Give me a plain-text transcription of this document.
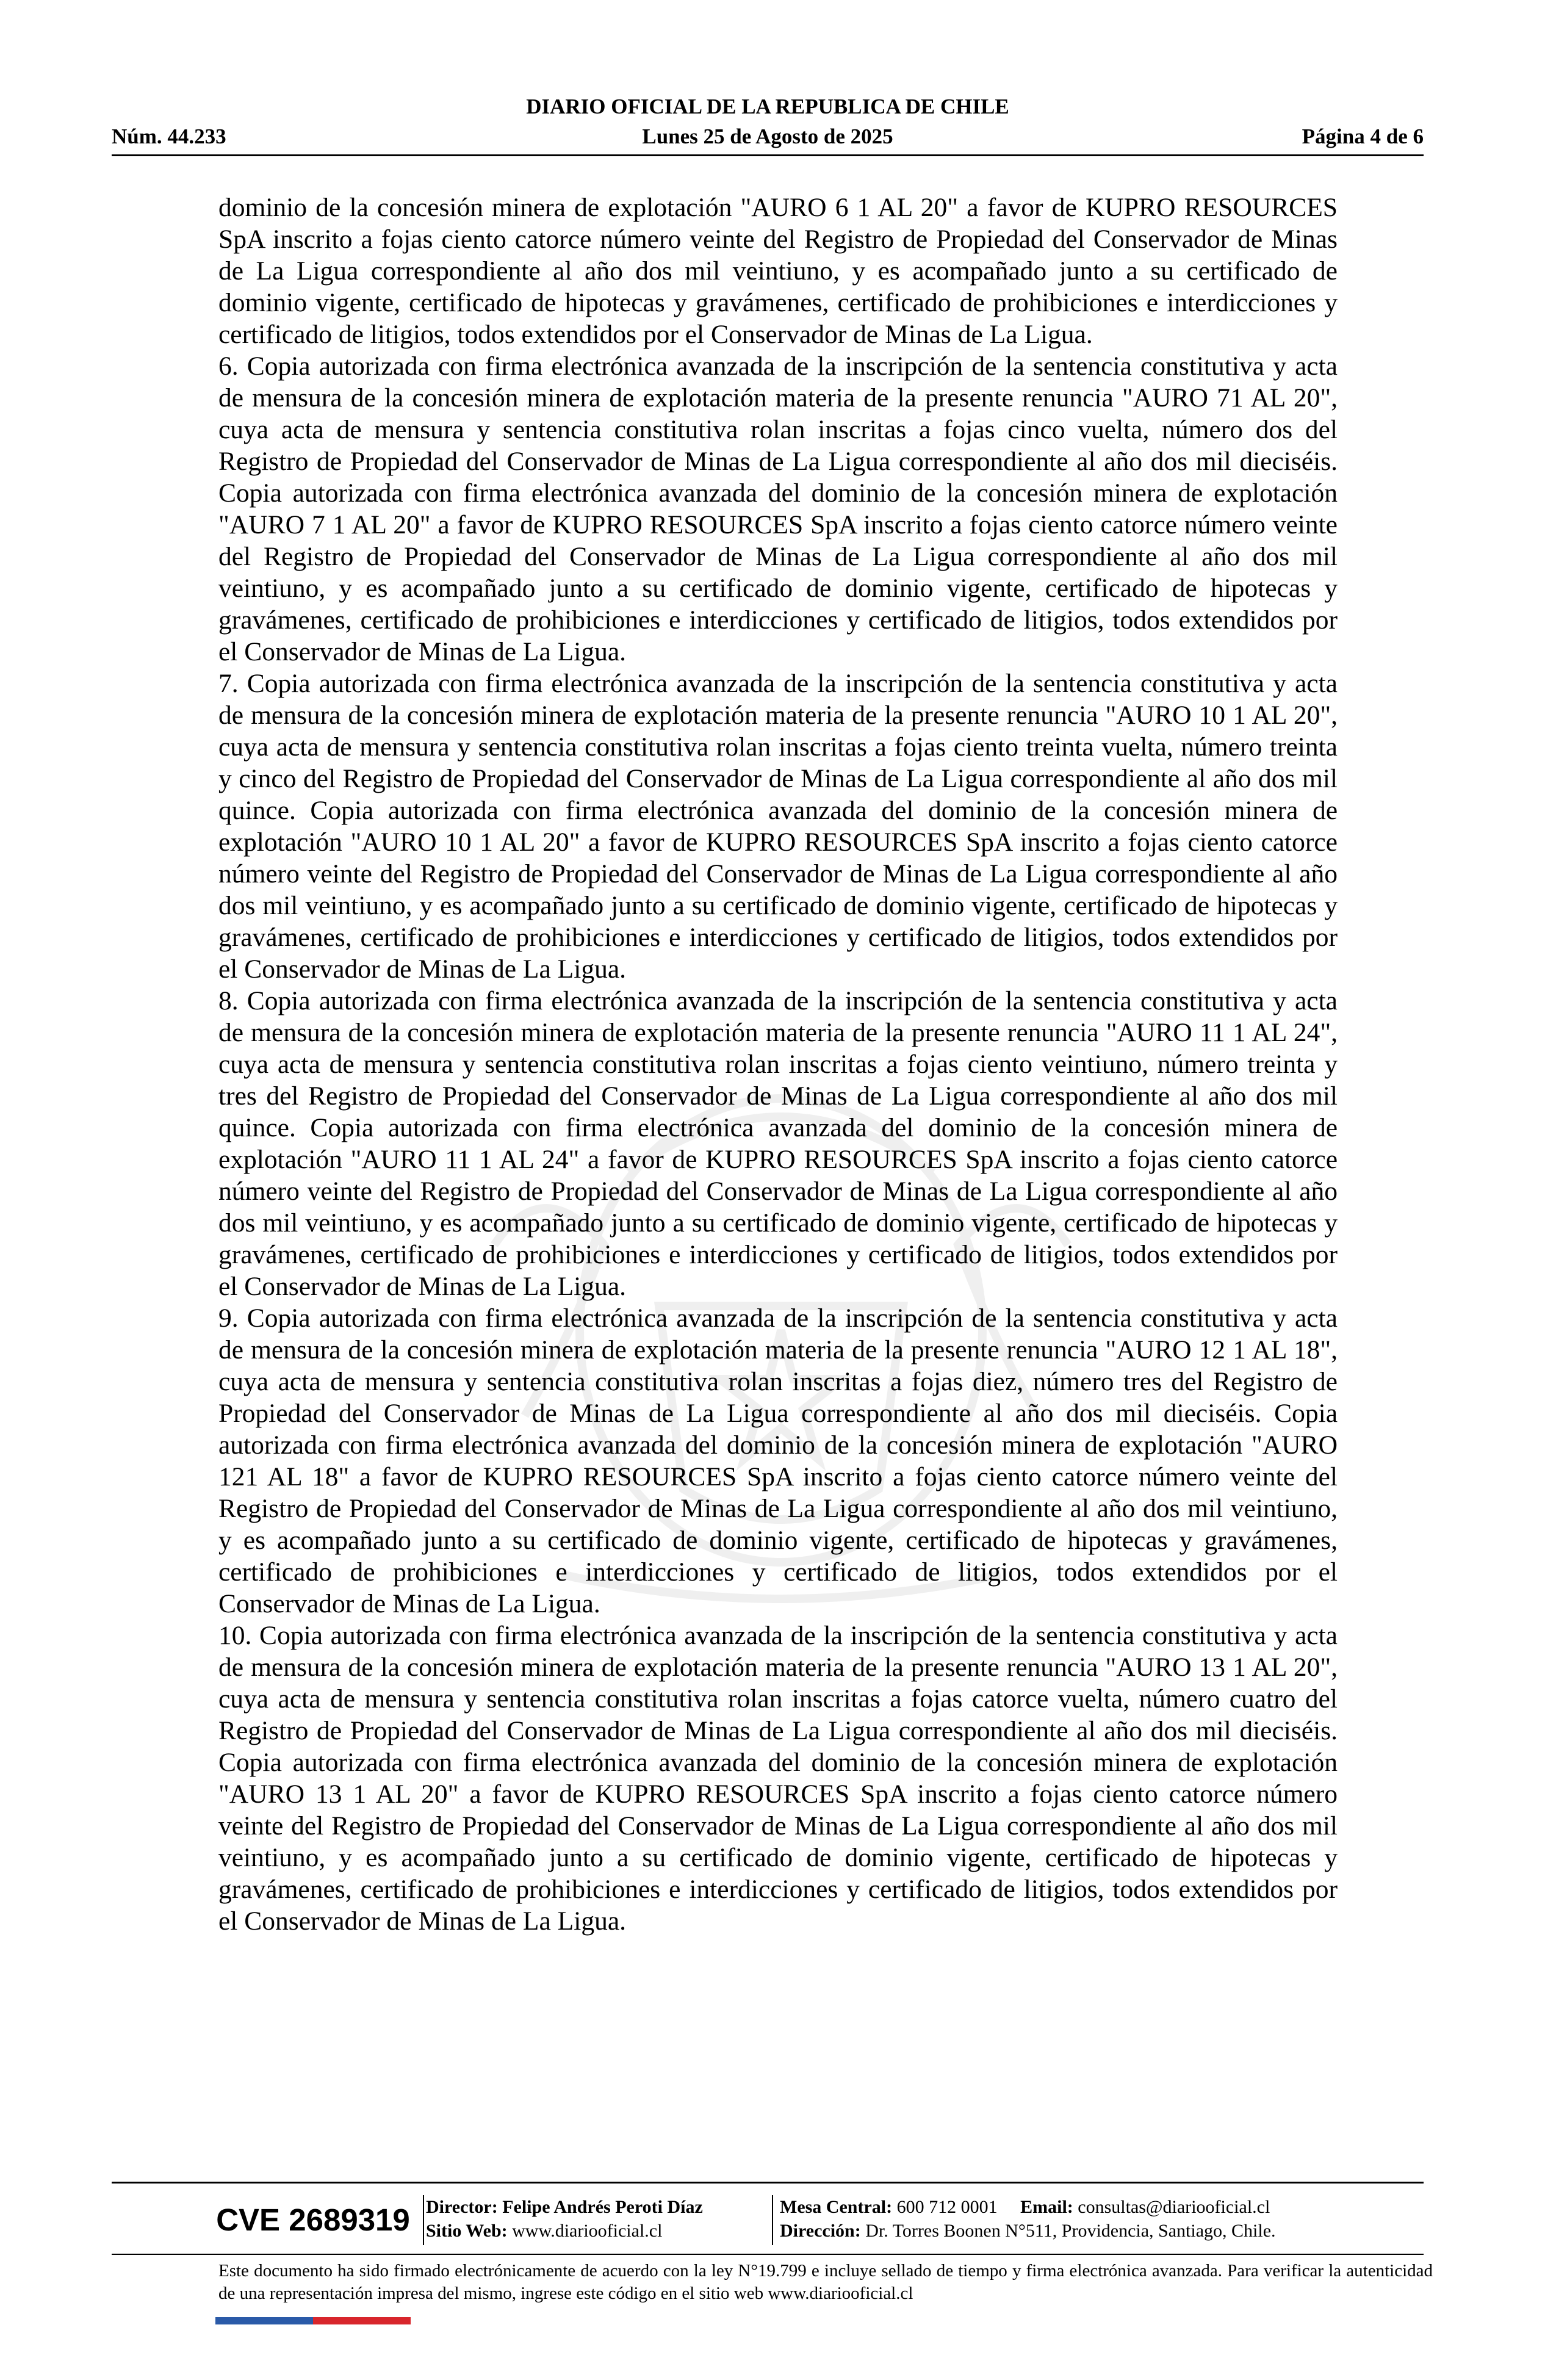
DIARIO OFICIAL DE LA REPUBLICA DE CHILE
Núm. 44.233	Lunes 25 de Agosto de 2025	Página 4 de 6

dominio de la concesión minera de explotación "AURO 6 1 AL 20" a favor de KUPRO RESOURCES SpA inscrito a fojas ciento catorce número veinte del Registro de Propiedad del Conservador de Minas de La Ligua correspondiente al año dos mil veintiuno, y es acompañado junto a su certificado de dominio vigente, certificado de hipotecas y gravámenes, certificado de prohibiciones e interdicciones y certificado de litigios, todos extendidos por el Conservador de Minas de La Ligua.

6. Copia autorizada con firma electrónica avanzada de la inscripción de la sentencia constitutiva y acta de mensura de la concesión minera de explotación materia de la presente renuncia "AURO 71 AL 20", cuya acta de mensura y sentencia constitutiva rolan inscritas a fojas cinco vuelta, número dos del Registro de Propiedad del Conservador de Minas de La Ligua correspondiente al año dos mil dieciséis. Copia autorizada con firma electrónica avanzada del dominio de la concesión minera de explotación "AURO 7 1 AL 20" a favor de KUPRO RESOURCES SpA inscrito a fojas ciento catorce número veinte del Registro de Propiedad del Conservador de Minas de La Ligua correspondiente al año dos mil veintiuno, y es acompañado junto a su certificado de dominio vigente, certificado de hipotecas y gravámenes, certificado de prohibiciones e interdicciones y certificado de litigios, todos extendidos por el Conservador de Minas de La Ligua.

7. Copia autorizada con firma electrónica avanzada de la inscripción de la sentencia constitutiva y acta de mensura de la concesión minera de explotación materia de la presente renuncia "AURO 10 1 AL 20", cuya acta de mensura y sentencia constitutiva rolan inscritas a fojas ciento treinta vuelta, número treinta y cinco del Registro de Propiedad del Conservador de Minas de La Ligua correspondiente al año dos mil quince. Copia autorizada con firma electrónica avanzada del dominio de la concesión minera de explotación "AURO 10 1 AL 20" a favor de KUPRO RESOURCES SpA inscrito a fojas ciento catorce número veinte del Registro de Propiedad del Conservador de Minas de La Ligua correspondiente al año dos mil veintiuno, y es acompañado junto a su certificado de dominio vigente, certificado de hipotecas y gravámenes, certificado de prohibiciones e interdicciones y certificado de litigios, todos extendidos por el Conservador de Minas de La Ligua.

8. Copia autorizada con firma electrónica avanzada de la inscripción de la sentencia constitutiva y acta de mensura de la concesión minera de explotación materia de la presente renuncia "AURO 11 1 AL 24", cuya acta de mensura y sentencia constitutiva rolan inscritas a fojas ciento veintiuno, número treinta y tres del Registro de Propiedad del Conservador de Minas de La Ligua correspondiente al año dos mil quince. Copia autorizada con firma electrónica avanzada del dominio de la concesión minera de explotación "AURO 11 1 AL 24" a favor de KUPRO RESOURCES SpA inscrito a fojas ciento catorce número veinte del Registro de Propiedad del Conservador de Minas de La Ligua correspondiente al año dos mil veintiuno, y es acompañado junto a su certificado de dominio vigente, certificado de hipotecas y gravámenes, certificado de prohibiciones e interdicciones y certificado de litigios, todos extendidos por el Conservador de Minas de La Ligua.

9. Copia autorizada con firma electrónica avanzada de la inscripción de la sentencia constitutiva y acta de mensura de la concesión minera de explotación materia de la presente renuncia "AURO 12 1 AL 18", cuya acta de mensura y sentencia constitutiva rolan inscritas a fojas diez, número tres del Registro de Propiedad del Conservador de Minas de La Ligua correspondiente al año dos mil dieciséis. Copia autorizada con firma electrónica avanzada del dominio de la concesión minera de explotación "AURO 121 AL 18" a favor de KUPRO RESOURCES SpA inscrito a fojas ciento catorce número veinte del Registro de Propiedad del Conservador de Minas de La Ligua correspondiente al año dos mil veintiuno, y es acompañado junto a su certificado de dominio vigente, certificado de hipotecas y gravámenes, certificado de prohibiciones e interdicciones y certificado de litigios, todos extendidos por el Conservador de Minas de La Ligua.

10. Copia autorizada con firma electrónica avanzada de la inscripción de la sentencia constitutiva y acta de mensura de la concesión minera de explotación materia de la presente renuncia "AURO 13 1 AL 20", cuya acta de mensura y sentencia constitutiva rolan inscritas a fojas catorce vuelta, número cuatro del Registro de Propiedad del Conservador de Minas de La Ligua correspondiente al año dos mil dieciséis. Copia autorizada con firma electrónica avanzada del dominio de la concesión minera de explotación "AURO 13 1 AL 20" a favor de KUPRO RESOURCES SpA inscrito a fojas ciento catorce número veinte del Registro de Propiedad del Conservador de Minas de La Ligua correspondiente al año dos mil veintiuno, y es acompañado junto a su certificado de dominio vigente, certificado de hipotecas y gravámenes, certificado de prohibiciones e interdicciones y certificado de litigios, todos extendidos por el Conservador de Minas de La Ligua.

CVE 2689319 Director: Felipe Andrés Peroti Díaz
Sitio Web: www.diariooficial.cl
Mesa Central: 600 712 0001 Email: consultas@diariooficial.cl
Dirección: Dr. Torres Boonen N°511, Providencia, Santiago, Chile.

Este documento ha sido firmado electrónicamente de acuerdo con la ley N°19.799 e incluye sellado de tiempo y firma electrónica avanzada. Para verificar la autenticidad de una representación impresa del mismo, ingrese este código en el sitio web www.diariooficial.cl
